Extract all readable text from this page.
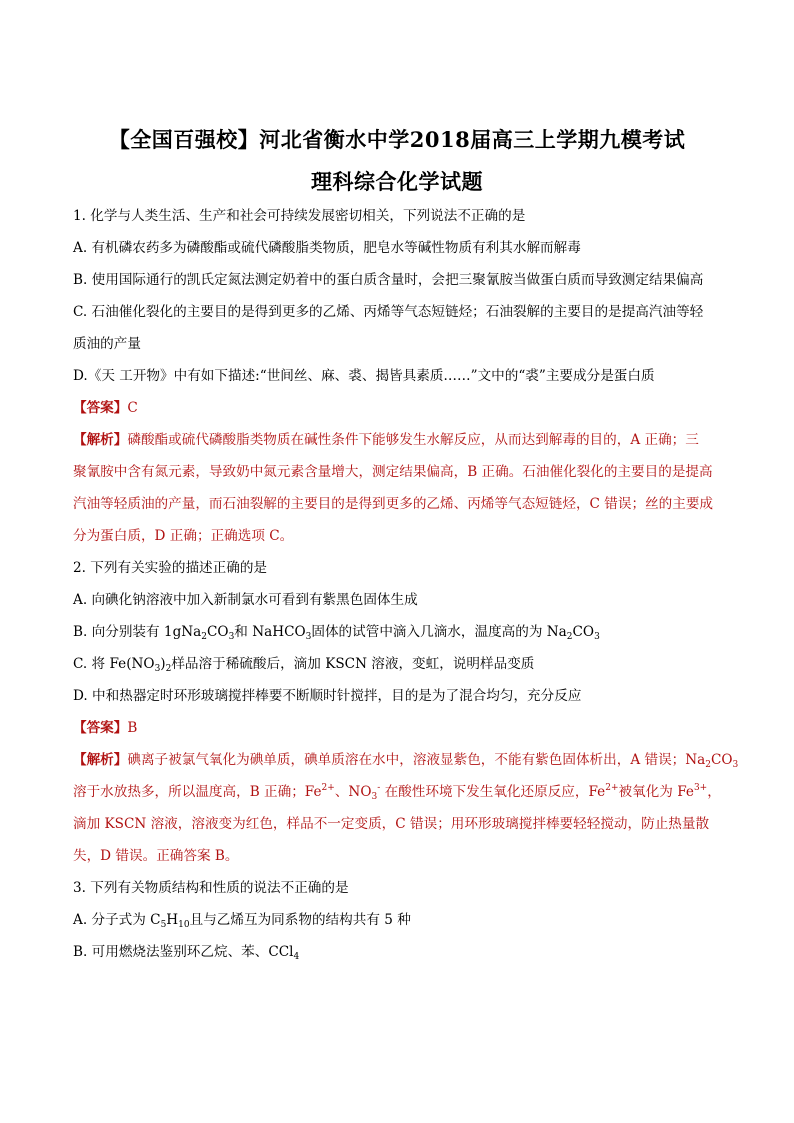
【全国百强校】河北省衡水中学2018届高三上学期九模考试
理科综合化学试题
1. 化学与人类生活、生产和社会可持续发展密切相关，下列说法不正确的是
A. 有机磷农药多为磷酸酯或硫代磷酸脂类物质，肥皂水等碱性物质有利其水解而解毒
B. 使用国际通行的凯氏定氮法测定奶着中的蛋白质含量时，会把三聚氰胺当做蛋白质而导致测定结果偏高
C. 石油催化裂化的主要目的是得到更多的乙烯、丙烯等气态短链烃；石油裂解的主要目的是提高汽油等轻
质油的产量
D.《天 工开物》中有如下描述:“世间丝、麻、裘、揭皆具素质……”文中的“裘”主要成分是蛋白质
【答案】C
【解析】磷酸酯或硫代磷酸脂类物质在碱性条件下能够发生水解反应，从而达到解毒的目的，A 正确；三
聚氰胺中含有氮元素，导致奶中氮元素含量增大，测定结果偏高，B 正确。石油催化裂化的主要目的是提高
汽油等轻质油的产量，而石油裂解的主要目的是得到更多的乙烯、丙烯等气态短链烃，C 错误；丝的主要成
分为蛋白质，D 正确；正确选项 C。
2. 下列有关实验的描述正确的是
A. 向碘化钠溶液中加入新制氯水可看到有紫黑色固体生成
B. 向分别装有 $1gNa_2CO_3$和 NaHCO$_3$固体的试管中滴入几滴水，温度高的为 $Na_2CO_3$
C. 将 $Fe(NO_3)_2$样品溶于稀硫酸后，滴加 KSCN 溶液，变虹，说明样品变质
D. 中和热器定时环形玻璃搅拌棒要不断顺时针搅拌，目的是为了混合均匀，充分反应
【答案】B
【解析】碘离子被氯气氧化为碘单质，碘单质溶在水中，溶液显紫色，不能有紫色固体析出，A 错误；$Na_2CO_3$
溶于水放热多，所以温度高，B 正确；$Fe^{2+}$、$NO_3^-$ 在酸性环境下发生氧化还原反应，$Fe^{2+}$被氧化为 $Fe^{3+}$，
滴加 KSCN 溶液，溶液变为红色，样品不一定变质，C 错误；用环形玻璃搅拌棒要轻轻搅动，防止热量散
失，D 错误。正确答案 B。
3. 下列有关物质结构和性质的说法不正确的是
A. 分子式为 $C_5H_{10}$且与乙烯互为同系物的结构共有 5 种
B. 可用燃烧法鉴别环乙烷、苯、CCl$_4$
